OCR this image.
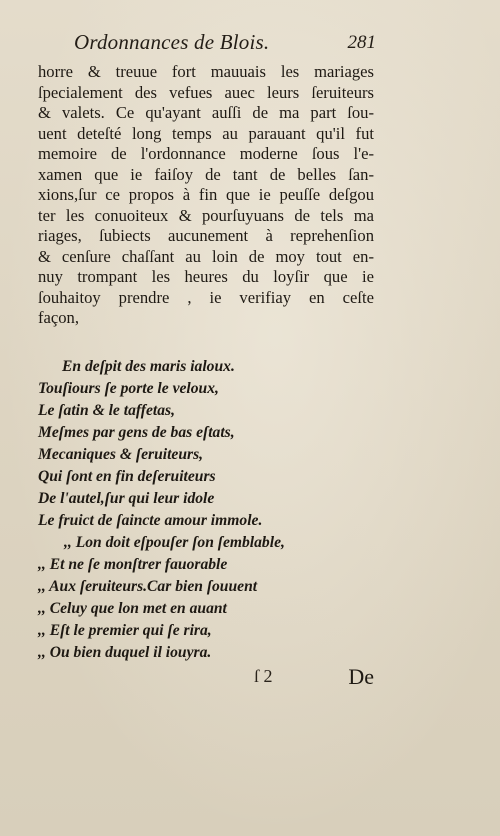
Ordonnances de Blois.	281
horre & treuue fort mauuais les mariages
ſpecialement des vefues auec leurs ſeruiteurs
& valets. Ce qu'ayant auſſi de ma part ſou-
uent deteſté long temps au parauant qu'il fut
memoire de l'ordonnance moderne ſous l'e-
xamen que ie faiſoy de tant de belles ſan-
xions,ſur ce propos à fin que ie peuſſe deſgou
ter les conuoiteux & pourſuyuans de tels ma
riages, ſubiects aucunement à reprehenſion
& cenſure chaſſant au loin de moy tout en-
nuy trompant les heures du loyſir que ie
ſouhaitoy prendre , ie verifiay en ceſte
façon,
En deſpit des maris ialoux.
Touſiours ſe porte le veloux,
Le ſatin & le taffetas,
Meſmes par gens de bas eſtats,
Mecaniques & ſeruiteurs,
Qui ſont en fin deſeruiteurs
De l'autel,ſur qui leur idole
Le fruict de ſaincte amour immole.
,, Lon doit eſpouſer ſon ſemblable,
,, Et ne ſe monſtrer fauorable
,, Aux ſeruiteurs.Car bien ſouuent
,, Celuy que lon met en auant
,, Eſt le premier qui ſe rira,
,, Ou bien duquel il iouyra.
ſ 2	De
